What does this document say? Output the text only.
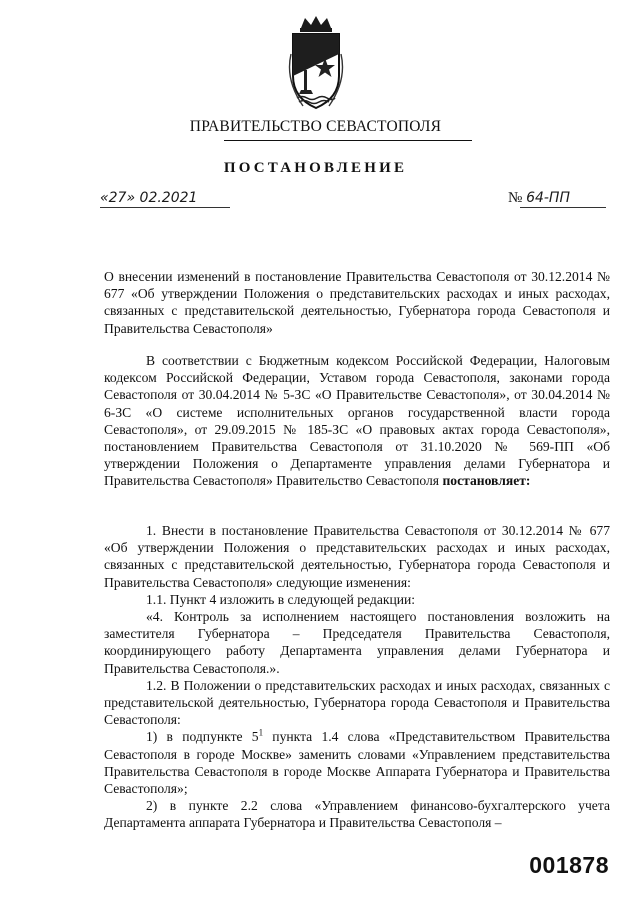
ПРАВИТЕЛЬСТВО СЕВАСТОПОЛЯ
ПОСТАНОВЛЕНИЕ
«27» 02.2021	№ 64-ПП

О внесении изменений в постановление Правительства Севастополя от 30.12.2014 № 677 «Об утверждении Положения о представительских расходах и иных расходах, связанных с представительской деятельностью, Губернатора города Севастополя и Правительства Севастополя»

В соответствии с Бюджетным кодексом Российской Федерации, Налоговым кодексом Российской Федерации, Уставом города Севастополя, законами города Севастополя от 30.04.2014 № 5-ЗС «О Правительстве Севастополя», от 30.04.2014 № 6-ЗС «О системе исполнительных органов государственной власти города Севастополя», от 29.09.2015 № 185-ЗС «О правовых актах города Севастополя», постановлением Правительства Севастополя от 31.10.2020 № 569-ПП «Об утверждении Положения о Департаменте управления делами Губернатора и Правительства Севастополя» Правительство Севастополя постановляет:

1. Внести в постановление Правительства Севастополя от 30.12.2014 № 677 «Об утверждении Положения о представительских расходах и иных расходах, связанных с представительской деятельностью, Губернатора города Севастополя и Правительства Севастополя» следующие изменения:

1.1. Пункт 4 изложить в следующей редакции:

«4. Контроль за исполнением настоящего постановления возложить на заместителя Губернатора – Председателя Правительства Севастополя, координирующего работу Департамента управления делами Губернатора и Правительства Севастополя.».

1.2. В Положении о представительских расходах и иных расходах, связанных с представительской деятельностью, Губернатора города Севастополя и Правительства Севастополя:

1) в подпункте $5^1$ пункта 1.4 слова «Представительством Правительства Севастополя в городе Москве» заменить словами «Управлением представительства Правительства Севастополя в городе Москве Аппарата Губернатора и Правительства Севастополя»;

2) в пункте 2.2 слова «Управлением финансово-бухгалтерского учета Департамента аппарата Губернатора и Правительства Севастополя –

001878
